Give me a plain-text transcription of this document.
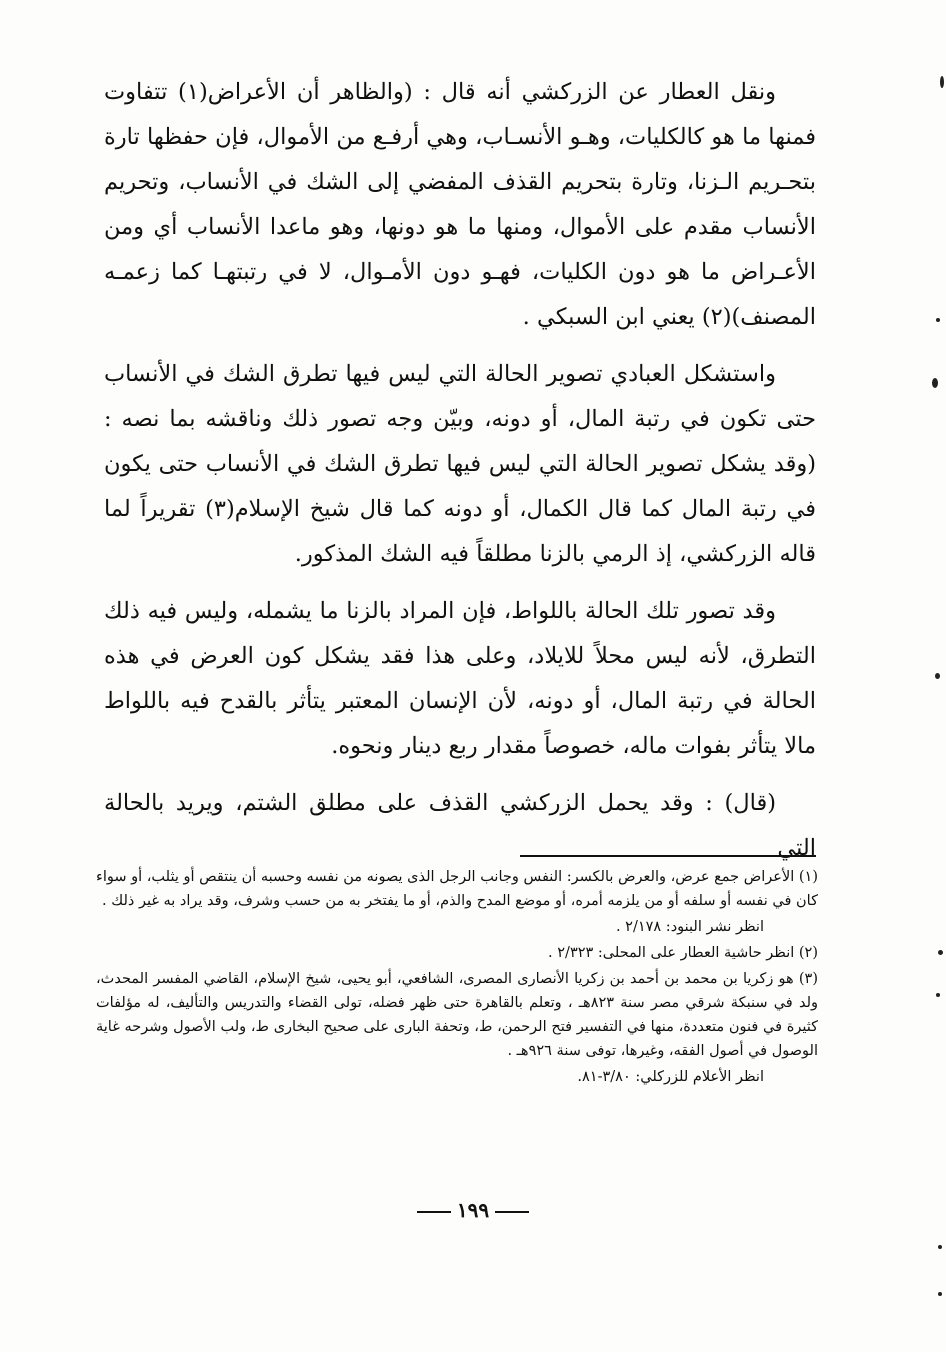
ونقل العطار عن الزركشي أنه قال : (والظاهر أن الأعراض(١) تتفاوت فمنها ما هو كالكليات، وهـو الأنسـاب، وهي أرفـع من الأموال، فإن حفظها تارة بتحـريم الـزنا، وتارة بتحريم القذف المفضي إلى الشك في الأنساب، وتحريم الأنساب مقدم على الأموال، ومنها ما هو دونها، وهو ماعدا الأنساب أي ومن الأعـراض ما هو دون الكليات، فهـو دون الأمـوال، لا في رتبتهـا كما زعمـه المصنف)(٢) يعني ابن السبكي .

واستشكل العبادي تصوير الحالة التي ليس فيها تطرق الشك في الأنساب حتى تكون في رتبة المال، أو دونه، وبيّن وجه تصور ذلك وناقشه بما نصه : (وقد يشكل تصوير الحالة التي ليس فيها تطرق الشك في الأنساب حتى يكون في رتبة المال كما قال الكمال، أو دونه كما قال شيخ الإسلام(٣) تقريراً لما قاله الزركشي، إذ الرمي بالزنا مطلقاً فيه الشك المذكور.

وقد تصور تلك الحالة باللواط، فإن المراد بالزنا ما يشمله، وليس فيه ذلك التطرق، لأنه ليس محلاً للايلاد، وعلى هذا فقد يشكل كون العرض في هذه الحالة في رتبة المال، أو دونه، لأن الإنسان المعتبر يتأثر بالقدح فيه باللواط مالا يتأثر بفوات ماله، خصوصاً مقدار ربع دينار ونحوه.

(قال) : وقد يحمل الزركشي القذف على مطلق الشتم، ويريد بالحالة التي

(١) الأعراض جمع عرض، والعرض بالكسر: النفس وجانب الرجل الذى يصونه من نفسه وحسبه أن ينتقص أو يثلب، أو سواء كان في نفسه أو سلفه أو من يلزمه أمره، أو موضع المدح والذم، أو ما يفتخر به من حسب وشرف، وقد يراد به غير ذلك .

انظر نشر البنود: ٢/١٧٨ .

(٢) انظر حاشية العطار على المحلى: ٢/٣٢٣ .

(٣) هو زكريا بن محمد بن أحمد بن زكريا الأنصارى المصرى، الشافعي، أبو يحيى، شيخ الإسلام، القاضي المفسر المحدث، ولد في سنبكة شرقي مصر سنة ٨٢٣هـ ، وتعلم بالقاهرة حتى ظهر فضله، تولى القضاء والتدريس والتأليف، له مؤلفات كثيرة في فنون متعددة، منها في التفسير فتح الرحمن، ط، وتحفة البارى على صحيح البخارى ط، ولب الأصول وشرحه غاية الوصول في أصول الفقه، وغيرها، توفى سنة ٩٢٦هـ .

انظر الأعلام للزركلي: ٣/٨٠-٨١.

١٩٩
